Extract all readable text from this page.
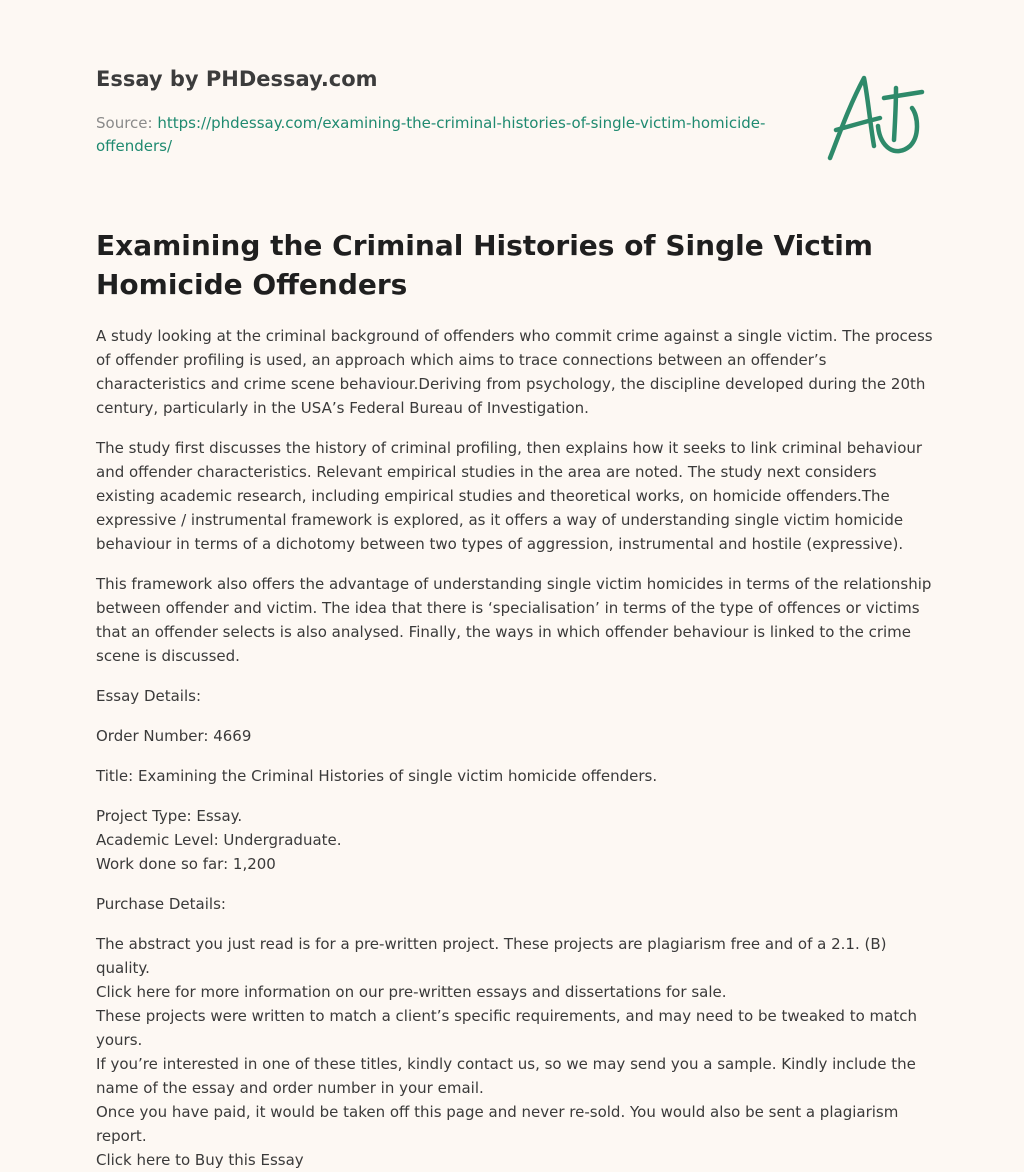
Essay by PHDessay.com

Source: https://phdessay.com/examining-the-criminal-histories-of-single-victim-homicide-offenders/

Examining the Criminal Histories of Single Victim Homicide Offenders

A study looking at the criminal background of offenders who commit crime against a single victim. The process of offender profiling is used, an approach which aims to trace connections between an offender’s characteristics and crime scene behaviour.Deriving from psychology, the discipline developed during the 20th century, particularly in the USA’s Federal Bureau of Investigation.

The study first discusses the history of criminal profiling, then explains how it seeks to link criminal behaviour and offender characteristics. Relevant empirical studies in the area are noted. The study next considers existing academic research, including empirical studies and theoretical works, on homicide offenders.The expressive / instrumental framework is explored, as it offers a way of understanding single victim homicide behaviour in terms of a dichotomy between two types of aggression, instrumental and hostile (expressive).

This framework also offers the advantage of understanding single victim homicides in terms of the relationship between offender and victim. The idea that there is ‘specialisation’ in terms of the type of offences or victims that an offender selects is also analysed. Finally, the ways in which offender behaviour is linked to the crime scene is discussed.

Essay Details:

Order Number: 4669

Title: Examining the Criminal Histories of single victim homicide offenders.

Project Type: Essay.
Academic Level: Undergraduate.
Work done so far: 1,200

Purchase Details:

The abstract you just read is for a pre-written project. These projects are plagiarism free and of a 2.1. (B) quality.
Click here for more information on our pre-written essays and dissertations for sale.
These projects were written to match a client’s specific requirements, and may need to be tweaked to match yours.
If you’re interested in one of these titles, kindly contact us, so we may send you a sample. Kindly include the name of the essay and order number in your email.
Once you have paid, it would be taken off this page and never re-sold. You would also be sent a plagiarism report.
Click here to Buy this Essay
